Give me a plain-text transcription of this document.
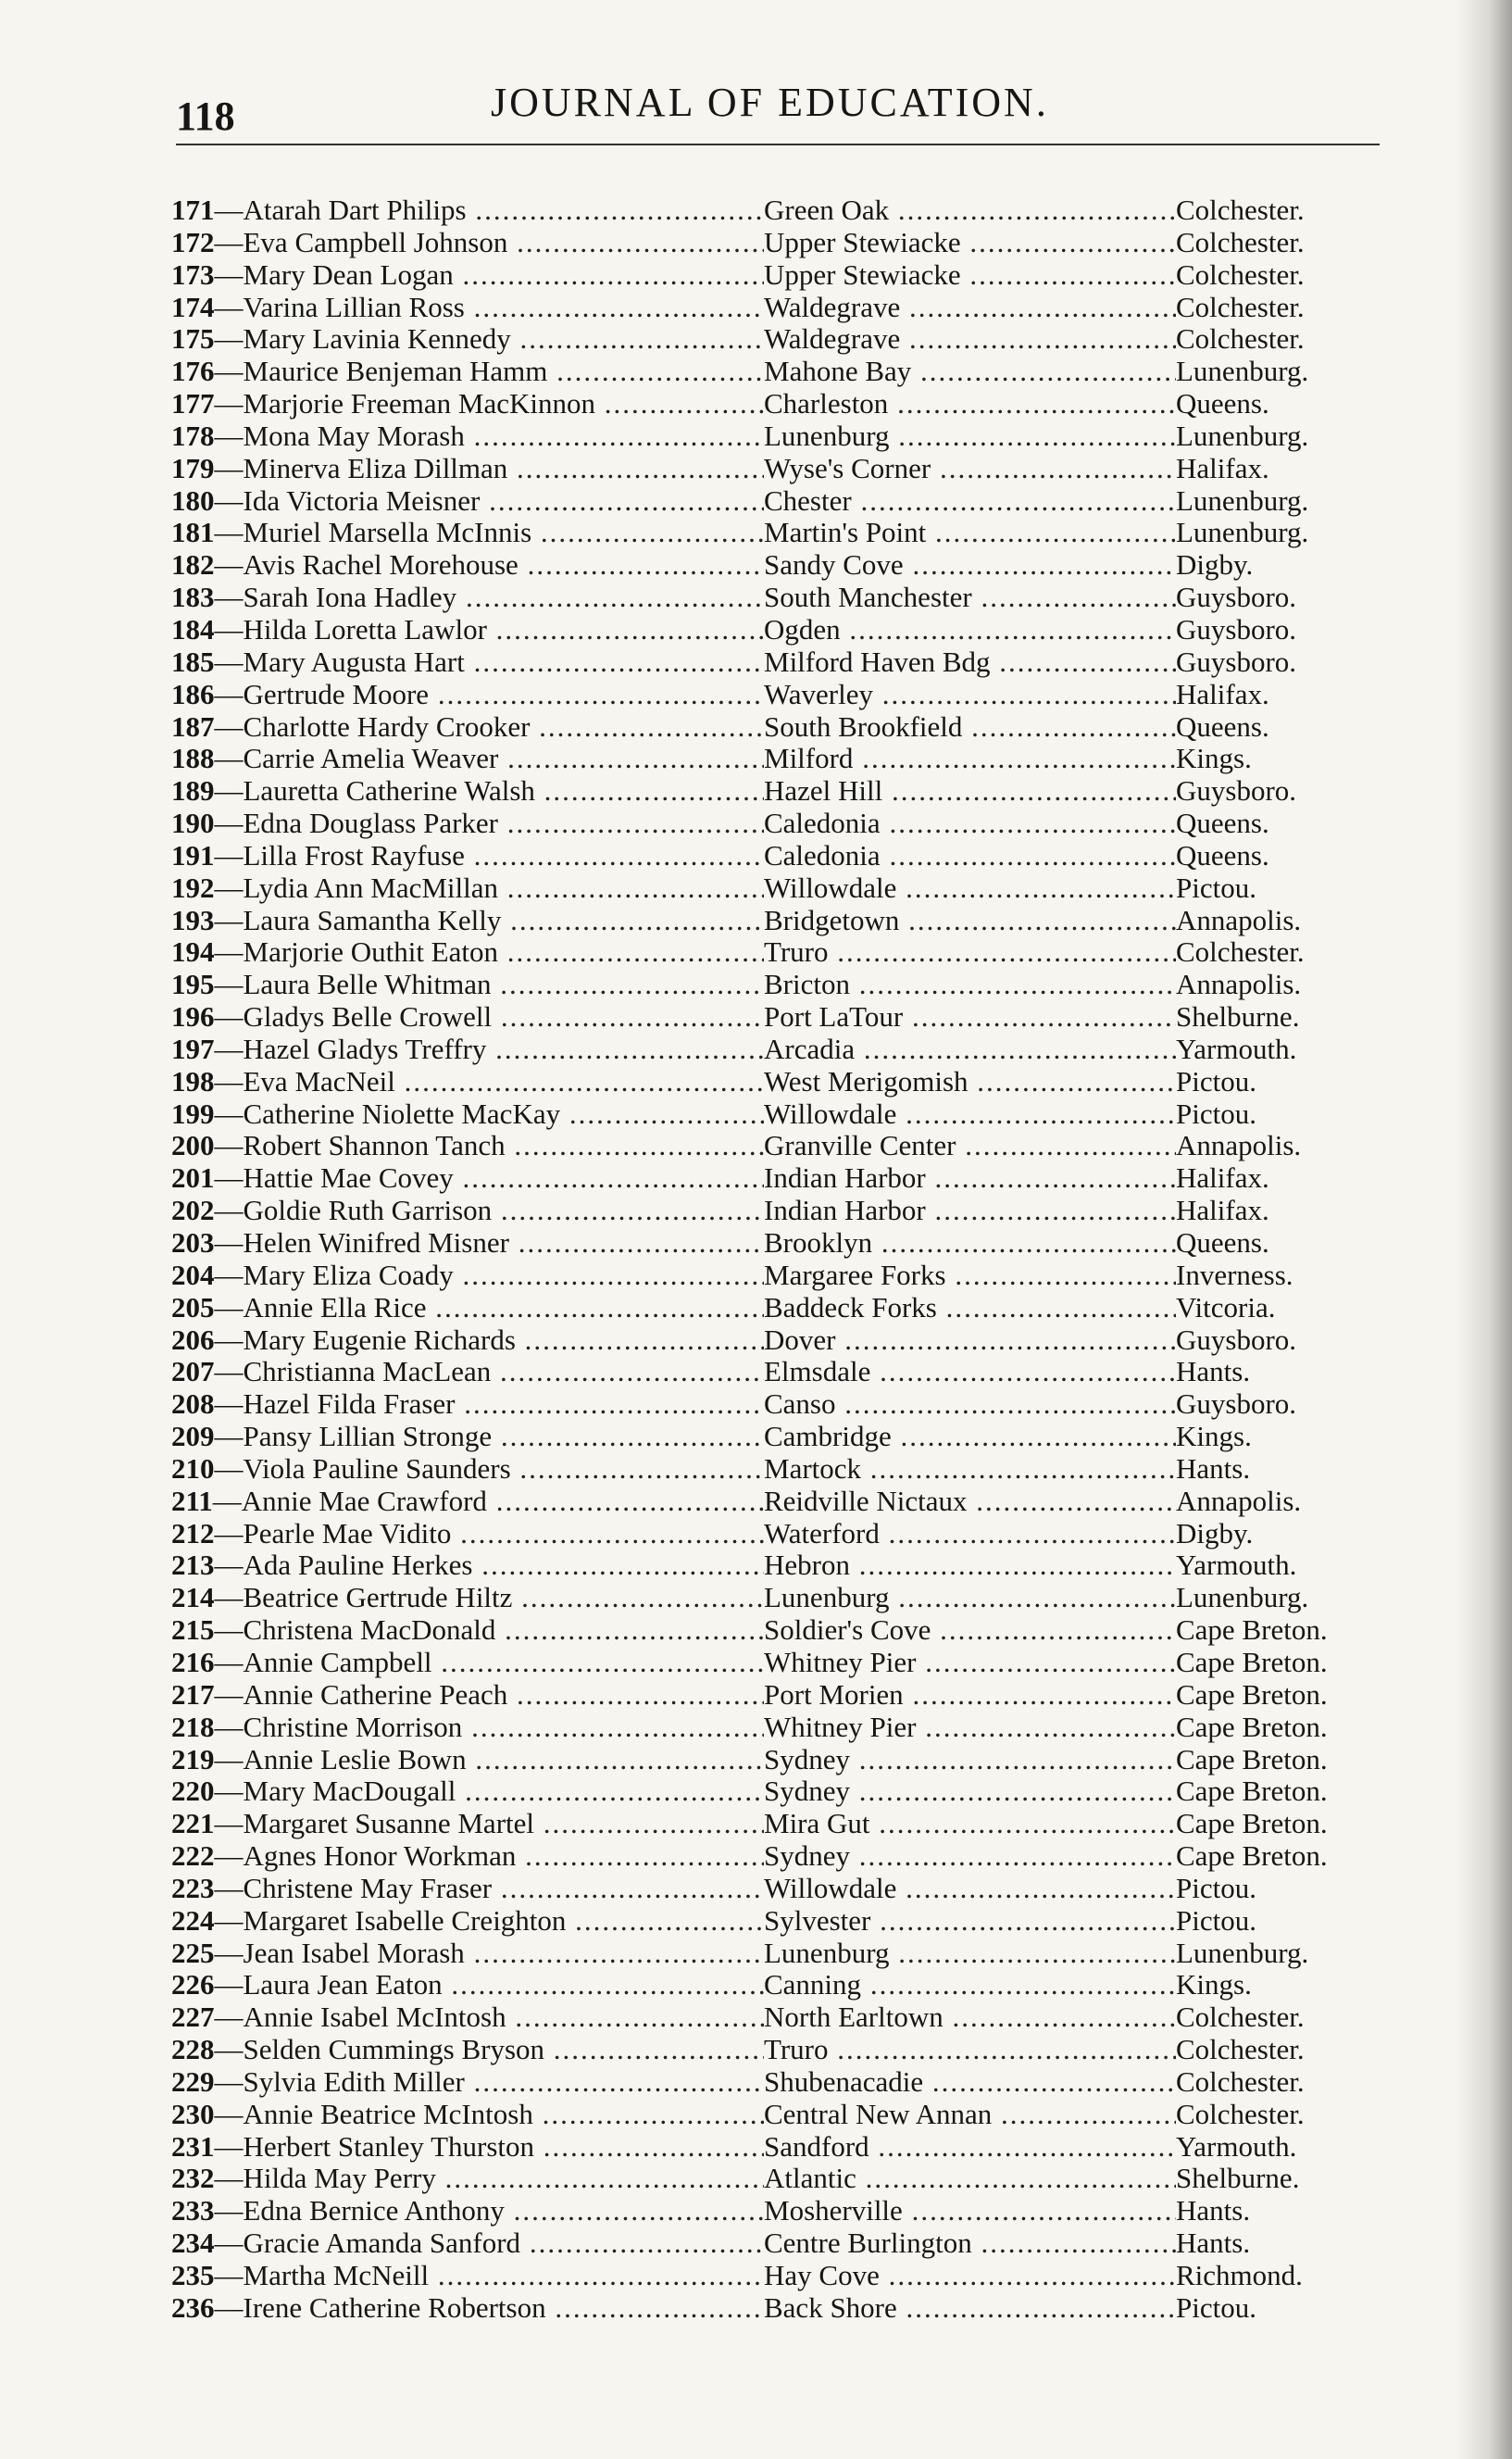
118	JOURNAL OF EDUCATION.
171—Atarah Dart Philips .....	Green Oak .....	Colchester.
172—Eva Campbell Johnson .....	Upper Stewiacke .....	Colchester.
173—Mary Dean Logan .....	Upper Stewiacke .....	Colchester.
174—Varina Lillian Ross .....	Waldegrave .....	Colchester.
175—Mary Lavinia Kennedy .....	Waldegrave .....	Colchester.
176—Maurice Benjeman Hamm .....	Mahone Bay .....	Lunenburg.
177—Marjorie Freeman MacKinnon .....	Charleston .....	Queens.
178—Mona May Morash .....	Lunenburg .....	Lunenburg.
179—Minerva Eliza Dillman .....	Wyse's Corner .....	Halifax.
180—Ida Victoria Meisner .....	Chester .....	Lunenburg.
181—Muriel Marsella McInnis .....	Martin's Point .....	Lunenburg.
182—Avis Rachel Morehouse .....	Sandy Cove .....	Digby.
183—Sarah Iona Hadley .....	South Manchester .....	Guysboro.
184—Hilda Loretta Lawlor .....	Ogden .....	Guysboro.
185—Mary Augusta Hart .....	Milford Haven Bdg .....	Guysboro.
186—Gertrude Moore .....	Waverley .....	Halifax.
187—Charlotte Hardy Crooker .....	South Brookfield .....	Queens.
188—Carrie Amelia Weaver .....	Milford .....	Kings.
189—Lauretta Catherine Walsh .....	Hazel Hill .....	Guysboro.
190—Edna Douglass Parker .....	Caledonia .....	Queens.
191—Lilla Frost Rayfuse .....	Caledonia .....	Queens.
192—Lydia Ann MacMillan .....	Willowdale .....	Pictou.
193—Laura Samantha Kelly .....	Bridgetown .....	Annapolis.
194—Marjorie Outhit Eaton .....	Truro .....	Colchester.
195—Laura Belle Whitman .....	Bricton .....	Annapolis.
196—Gladys Belle Crowell .....	Port LaTour .....	Shelburne.
197—Hazel Gladys Treffry .....	Arcadia .....	Yarmouth.
198—Eva MacNeil .....	West Merigomish .....	Pictou.
199—Catherine Niolette MacKay .....	Willowdale .....	Pictou.
200—Robert Shannon Tanch .....	Granville Center .....	Annapolis.
201—Hattie Mae Covey .....	Indian Harbor .....	Halifax.
202—Goldie Ruth Garrison .....	Indian Harbor .....	Halifax.
203—Helen Winifred Misner .....	Brooklyn .....	Queens.
204—Mary Eliza Coady .....	Margaree Forks .....	Inverness.
205—Annie Ella Rice .....	Baddeck Forks .....	Vitcoria.
206—Mary Eugenie Richards .....	Dover .....	Guysboro.
207—Christianna MacLean .....	Elmsdale .....	Hants.
208—Hazel Filda Fraser .....	Canso .....	Guysboro.
209—Pansy Lillian Stronge .....	Cambridge .....	Kings.
210—Viola Pauline Saunders .....	Martock .....	Hants.
211—Annie Mae Crawford .....	Reidville Nictaux .....	Annapolis.
212—Pearle Mae Vidito .....	Waterford .....	Digby.
213—Ada Pauline Herkes .....	Hebron .....	Yarmouth.
214—Beatrice Gertrude Hiltz .....	Lunenburg .....	Lunenburg.
215—Christena MacDonald .....	Soldier's Cove .....	Cape Breton.
216—Annie Campbell .....	Whitney Pier .....	Cape Breton.
217—Annie Catherine Peach .....	Port Morien .....	Cape Breton.
218—Christine Morrison .....	Whitney Pier .....	Cape Breton.
219—Annie Leslie Bown .....	Sydney .....	Cape Breton.
220—Mary MacDougall .....	Sydney .....	Cape Breton.
221—Margaret Susanne Martel .....	Mira Gut .....	Cape Breton.
222—Agnes Honor Workman .....	Sydney .....	Cape Breton.
223—Christene May Fraser .....	Willowdale .....	Pictou.
224—Margaret Isabelle Creighton .....	Sylvester .....	Pictou.
225—Jean Isabel Morash .....	Lunenburg .....	Lunenburg.
226—Laura Jean Eaton .....	Canning .....	Kings.
227—Annie Isabel McIntosh .....	North Earltown .....	Colchester.
228—Selden Cummings Bryson .....	Truro .....	Colchester.
229—Sylvia Edith Miller .....	Shubenacadie .....	Colchester.
230—Annie Beatrice McIntosh .....	Central New Annan .....	Colchester.
231—Herbert Stanley Thurston .....	Sandford .....	Yarmouth.
232—Hilda May Perry .....	Atlantic .....	Shelburne.
233—Edna Bernice Anthony .....	Mosherville .....	Hants.
234—Gracie Amanda Sanford .....	Centre Burlington .....	Hants.
235—Martha McNeill .....	Hay Cove .....	Richmond.
236—Irene Catherine Robertson .....	Back Shore .....	Pictou.
